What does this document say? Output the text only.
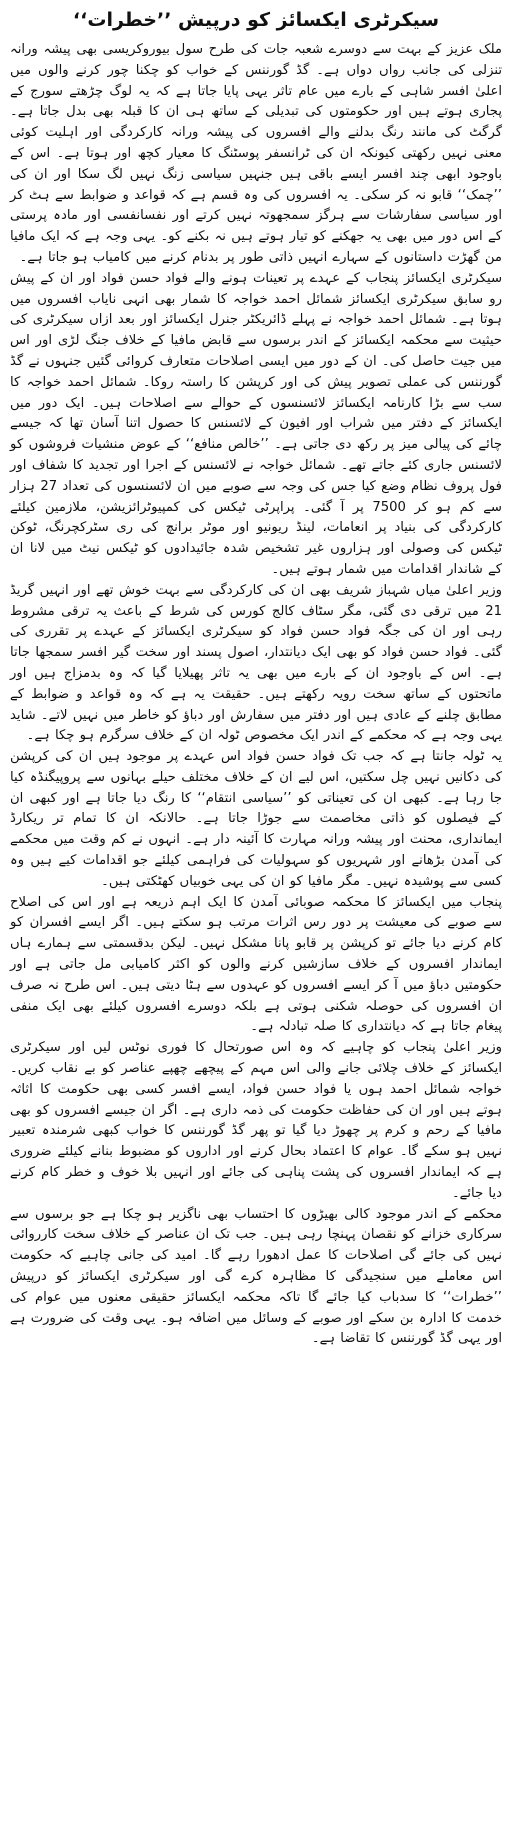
سیکرٹری ایکسائز کو درپیش ’’خطرات‘‘

ملک عزیز کے بہت سے دوسرے شعبہ جات کی طرح سول بیوروکریسی بھی پیشہ ورانہ تنزلی کی جانب رواں دواں ہے۔ گڈ گورننس کے خواب کو چکنا چور کرنے والوں میں اعلیٰ افسر شاہی کے بارے میں عام تاثر یہی پایا جاتا ہے کہ یہ لوگ چڑھتے سورج کے پجاری ہوتے ہیں اور حکومتوں کی تبدیلی کے ساتھ ہی ان کا قبلہ بھی بدل جاتا ہے۔ گرگٹ کی مانند رنگ بدلنے والے افسروں کی پیشہ ورانہ کارکردگی اور اہلیت کوئی معنی نہیں رکھتی کیونکہ ان کی ٹرانسفر پوسٹنگ کا معیار کچھ اور ہوتا ہے۔ اس کے باوجود ابھی چند افسر ایسے باقی ہیں جنہیں سیاسی زنگ نہیں لگ سکا اور ان کی ’’چمک‘‘ قابو نہ کر سکی۔ یہ افسروں کی وہ قسم ہے کہ قواعد و ضوابط سے ہٹ کر اور سیاسی سفارشات سے ہرگز سمجھوتہ نہیں کرتے اور نفسانفسی اور مادہ پرستی کے اس دور میں بھی یہ جھکنے کو تیار ہوتے ہیں نہ بکنے کو۔ یہی وجہ ہے کہ ایک مافیا من گھڑت داستانوں کے سہارے انہیں ذاتی طور پر بدنام کرنے میں کامیاب ہو جاتا ہے۔

سیکرٹری ایکسائز پنجاب کے عہدے پر تعینات ہونے والے فواد حسن فواد اور ان کے پیش رو سابق سیکرٹری ایکسائز شمائل احمد خواجہ کا شمار بھی انہی نایاب افسروں میں ہوتا ہے۔ شمائل احمد خواجہ نے پہلے ڈائریکٹر جنرل ایکسائز اور بعد ازاں سیکرٹری کی حیثیت سے محکمہ ایکسائز کے اندر برسوں سے قابض مافیا کے خلاف جنگ لڑی اور اس میں جیت حاصل کی۔ ان کے دور میں ایسی اصلاحات متعارف کروائی گئیں جنہوں نے گڈ گورننس کی عملی تصویر پیش کی اور کرپشن کا راستہ روکا۔ شمائل احمد خواجہ کا سب سے بڑا کارنامہ ایکسائز لائسنسوں کے حوالے سے اصلاحات ہیں۔ ایک دور میں ایکسائز کے دفتر میں شراب اور افیون کے لائسنس کا حصول اتنا آسان تھا کہ جیسے چائے کی پیالی میز پر رکھ دی جاتی ہے۔ ’’خالص منافع‘‘ کے عوض منشیات فروشوں کو لائسنس جاری کئے جاتے تھے۔ شمائل خواجہ نے لائسنس کے اجرا اور تجدید کا شفاف اور فول پروف نظام وضع کیا جس کی وجہ سے صوبے میں ان لائسنسوں کی تعداد 27 ہزار سے کم ہو کر 7500 پر آ گئی۔ پراپرٹی ٹیکس کی کمپیوٹرائزیشن، ملازمین کیلئے کارکردگی کی بنیاد پر انعامات، لینڈ ریونیو اور موٹر برانچ کی ری سٹرکچرنگ، ٹوکن ٹیکس کی وصولی اور ہزاروں غیر تشخیص شدہ جائیدادوں کو ٹیکس نیٹ میں لانا ان کے شاندار اقدامات میں شمار ہوتے ہیں۔

وزیر اعلیٰ میاں شہباز شریف بھی ان کی کارکردگی سے بہت خوش تھے اور انہیں گریڈ 21 میں ترقی دی گئی، مگر سٹاف کالج کورس کی شرط کے باعث یہ ترقی مشروط رہی اور ان کی جگہ فواد حسن فواد کو سیکرٹری ایکسائز کے عہدے پر تقرری کی گئی۔ فواد حسن فواد کو بھی ایک دیانتدار، اصول پسند اور سخت گیر افسر سمجھا جاتا ہے۔ اس کے باوجود ان کے بارے میں بھی یہ تاثر پھیلایا گیا کہ وہ بدمزاج ہیں اور ماتحتوں کے ساتھ سخت رویہ رکھتے ہیں۔ حقیقت یہ ہے کہ وہ قواعد و ضوابط کے مطابق چلنے کے عادی ہیں اور دفتر میں سفارش اور دباؤ کو خاطر میں نہیں لاتے۔ شاید یہی وجہ ہے کہ محکمے کے اندر ایک مخصوص ٹولہ ان کے خلاف سرگرم ہو چکا ہے۔

یہ ٹولہ جانتا ہے کہ جب تک فواد حسن فواد اس عہدے پر موجود ہیں ان کی کرپشن کی دکانیں نہیں چل سکتیں، اس لیے ان کے خلاف مختلف حیلے بہانوں سے پروپیگنڈہ کیا جا رہا ہے۔ کبھی ان کی تعیناتی کو ’’سیاسی انتقام‘‘ کا رنگ دیا جاتا ہے اور کبھی ان کے فیصلوں کو ذاتی مخاصمت سے جوڑا جاتا ہے۔ حالانکہ ان کا تمام تر ریکارڈ ایمانداری، محنت اور پیشہ ورانہ مہارت کا آئینہ دار ہے۔ انہوں نے کم وقت میں محکمے کی آمدن بڑھانے اور شہریوں کو سہولیات کی فراہمی کیلئے جو اقدامات کیے ہیں وہ کسی سے پوشیدہ نہیں۔ مگر مافیا کو ان کی یہی خوبیاں کھٹکتی ہیں۔

پنجاب میں ایکسائز کا محکمہ صوبائی آمدن کا ایک اہم ذریعہ ہے اور اس کی اصلاح سے صوبے کی معیشت پر دور رس اثرات مرتب ہو سکتے ہیں۔ اگر ایسے افسران کو کام کرنے دیا جائے تو کرپشن پر قابو پانا مشکل نہیں۔ لیکن بدقسمتی سے ہمارے ہاں ایماندار افسروں کے خلاف سازشیں کرنے والوں کو اکثر کامیابی مل جاتی ہے اور حکومتیں دباؤ میں آ کر ایسے افسروں کو عہدوں سے ہٹا دیتی ہیں۔ اس طرح نہ صرف ان افسروں کی حوصلہ شکنی ہوتی ہے بلکہ دوسرے افسروں کیلئے بھی ایک منفی پیغام جاتا ہے کہ دیانتداری کا صلہ تبادلہ ہے۔

وزیر اعلیٰ پنجاب کو چاہیے کہ وہ اس صورتحال کا فوری نوٹس لیں اور سیکرٹری ایکسائز کے خلاف چلائی جانے والی اس مہم کے پیچھے چھپے عناصر کو بے نقاب کریں۔ خواجہ شمائل احمد ہوں یا فواد حسن فواد، ایسے افسر کسی بھی حکومت کا اثاثہ ہوتے ہیں اور ان کی حفاظت حکومت کی ذمہ داری ہے۔ اگر ان جیسے افسروں کو بھی مافیا کے رحم و کرم پر چھوڑ دیا گیا تو پھر گڈ گورننس کا خواب کبھی شرمندہ تعبیر نہیں ہو سکے گا۔ عوام کا اعتماد بحال کرنے اور اداروں کو مضبوط بنانے کیلئے ضروری ہے کہ ایماندار افسروں کی پشت پناہی کی جائے اور انہیں بلا خوف و خطر کام کرنے دیا جائے۔

محکمے کے اندر موجود کالی بھیڑوں کا احتساب بھی ناگزیر ہو چکا ہے جو برسوں سے سرکاری خزانے کو نقصان پہنچا رہی ہیں۔ جب تک ان عناصر کے خلاف سخت کارروائی نہیں کی جائے گی اصلاحات کا عمل ادھورا رہے گا۔ امید کی جانی چاہیے کہ حکومت اس معاملے میں سنجیدگی کا مظاہرہ کرے گی اور سیکرٹری ایکسائز کو درپیش ’’خطرات‘‘ کا سدباب کیا جائے گا تاکہ محکمہ ایکسائز حقیقی معنوں میں عوام کی خدمت کا ادارہ بن سکے اور صوبے کے وسائل میں اضافہ ہو۔ یہی وقت کی ضرورت ہے اور یہی گڈ گورننس کا تقاضا ہے۔
